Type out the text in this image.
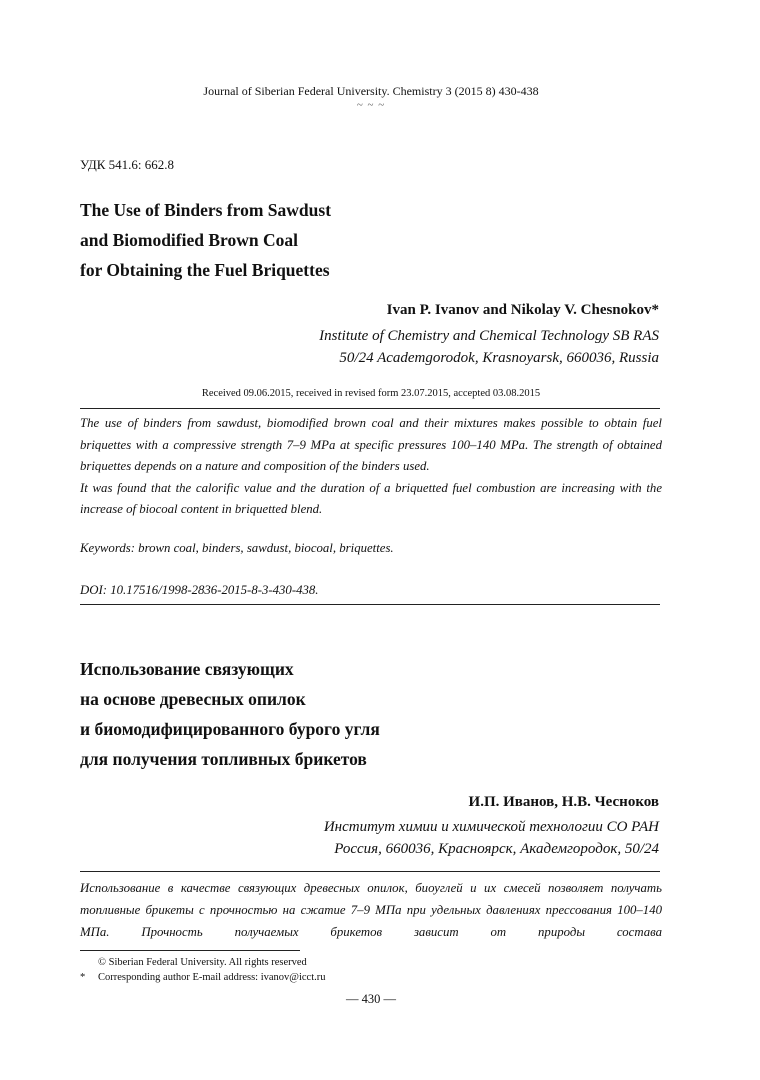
Journal of Siberian Federal University. Chemistry 3 (2015 8) 430-438
~ ~ ~
УДК 541.6: 662.8
The Use of Binders from Sawdust
and Biomodified Brown Coal
for Obtaining the Fuel Briquettes
Ivan P. Ivanov and Nikolay V. Chesnokov*
Institute of Chemistry and Chemical Technology SB RAS
50/24 Academgorodok, Krasnoyarsk, 660036, Russia
Received 09.06.2015, received in revised form 23.07.2015, accepted 03.08.2015

The use of binders from sawdust, biomodified brown coal and their mixtures makes possible to obtain fuel briquettes with a compressive strength 7–9 MPa at specific pressures 100–140 MPa. The strength of obtained briquettes depends on a nature and composition of the binders used.

It was found that the calorific value and the duration of a briquetted fuel combustion are increasing with the increase of biocoal content in briquetted blend.

Keywords: brown coal, binders, sawdust, biocoal, briquettes.
DOI: 10.17516/1998-2836-2015-8-3-430-438.
Использование связующих
на основе древесных опилок
и биомодифицированного бурого угля
для получения топливных брикетов
И.П. Иванов, Н.В. Чесноков
Институт химии и химической технологии СО РАН
Россия, 660036, Красноярск, Академгородок, 50/24
Использование в качестве связующих древесных опилок, биоуглей и их смесей позволяет получать топливные брикеты с прочностью на сжатие 7–9 МПа при удельных давлениях прессования 100–140 МПа. Прочность получаемых брикетов зависит от природы состава
© Siberian Federal University. All rights reserved
* Corresponding author E-mail address: ivanov@icct.ru
— 430 —
